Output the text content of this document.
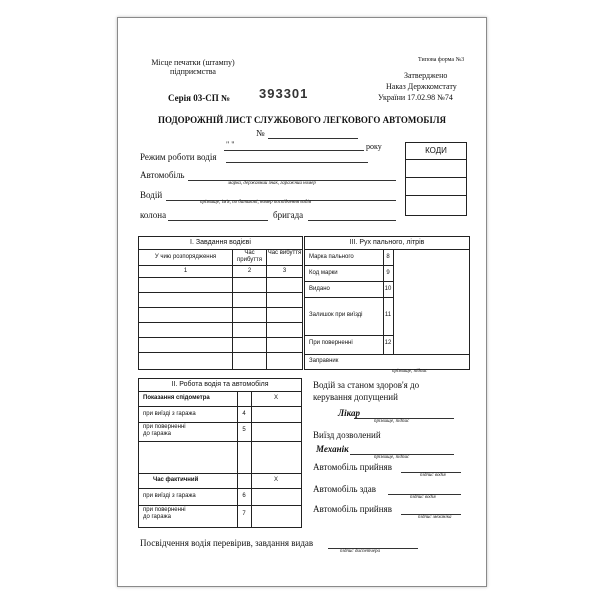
Місце печатки (штампу)
підприємства
Типова форма №3
Затверджено
Наказ Держкомстату
України 17.02.98 №74
Серія 03-СП № 393301
ПОДОРОЖНІЙ ЛИСТ СЛУЖБОВОГО ЛЕГКОВОГО АВТОМОБІЛЯ
№
" "	року
Режим роботи водія
Автомобіль
марка, державний знак, гаражний номер
Водій
прізвище, ім'я, по батькові, номер посвідчення водія
колона	бригада
КОДИ
І. Завдання водієві
У чию розпорядження
Час прибуття
Час вибуття
1	2	3
ІІІ. Рух пального, літрів
Марка пального	8
Код марки	9
Видано	10
Залишок при виїзді	11
При поверненні	12
Заправник
прізвище, підпис
ІІ. Робота водія та автомобіля
Показання спідометра	X
при виїзді з гаража	4
при поверненні
до гаража
5
Час фактичний	X
при виїзді з гаража	6
при поверненні
до гаража	7
Водій за станом здоров'я до
керування допущений
Лікар
прізвище, підпис
Виїзд дозволений
Механік
прізвище, підпис
Автомобіль прийняв
підпис водія
Автомобіль здав
підпис водія
Автомобіль прийняв
підпис механіка
Посвідчення водія перевірив, завдання видав
підпис диспетчера
